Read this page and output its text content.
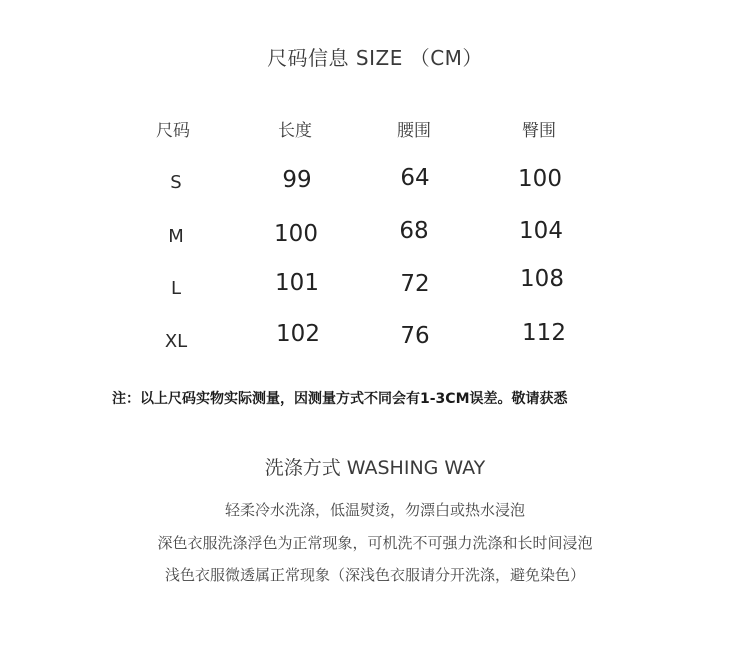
尺码信息 SIZE （CM）
尺码	长度	腰围	臀围
S	99	64	100
M	100	68	104
L	101	72	108
XL	102	76	112
注：以上尺码实物实际测量，因测量方式不同会有1-3CM误差。敬请获悉
洗涤方式 WASHING WAY
轻柔冷水洗涤，低温熨烫，勿漂白或热水浸泡
深色衣服洗涤浮色为正常现象，可机洗不可强力洗涤和长时间浸泡
浅色衣服微透属正常现象（深浅色衣服请分开洗涤，避免染色）
